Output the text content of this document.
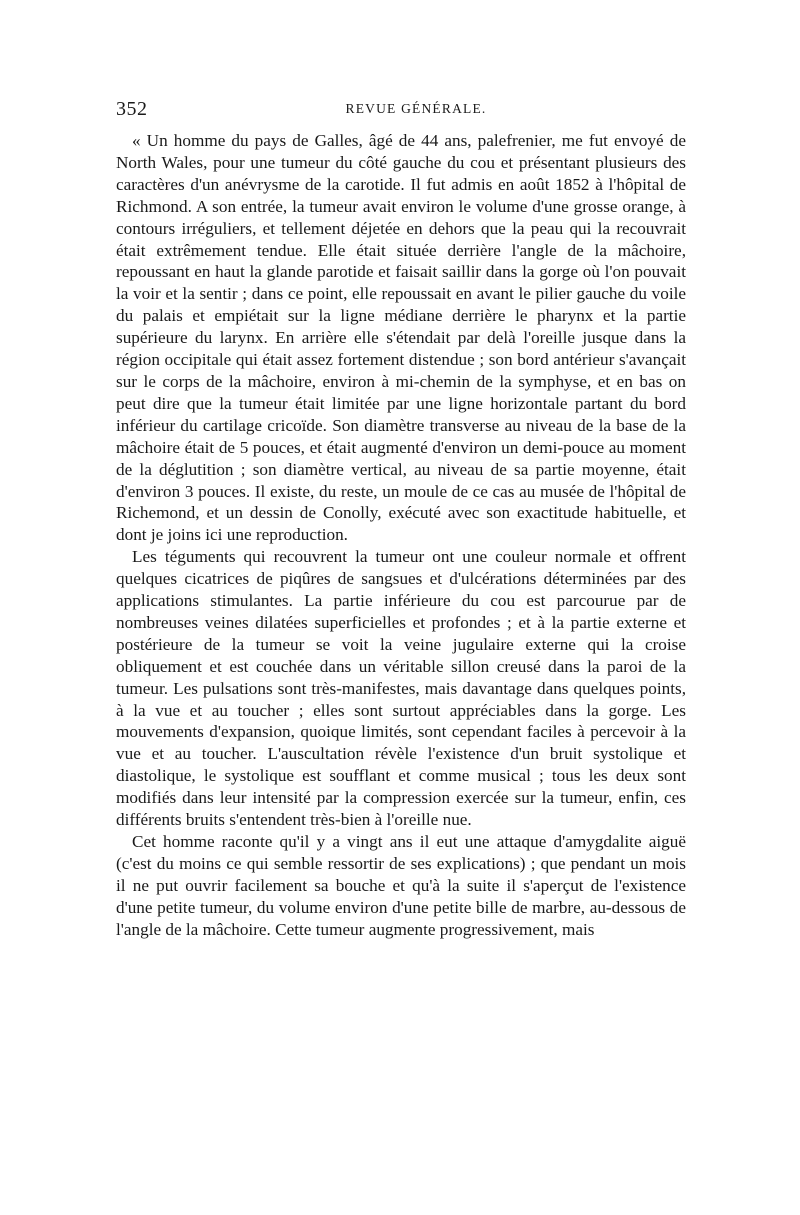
352	REVUE GÉNÉRALE.

« Un homme du pays de Galles, âgé de 44 ans, palefrenier, me fut envoyé de North Wales, pour une tumeur du côté gauche du cou et présentant plusieurs des caractères d'un anévrysme de la carotide. Il fut admis en août 1852 à l'hôpital de Richmond. A son entrée, la tumeur avait environ le volume d'une grosse orange, à contours irréguliers, et tellement déjetée en dehors que la peau qui la recouvrait était extrêmement tendue. Elle était située derrière l'angle de la mâchoire, repoussant en haut la glande parotide et faisait saillir dans la gorge où l'on pouvait la voir et la sentir ; dans ce point, elle repoussait en avant le pilier gauche du voile du palais et empiétait sur la ligne médiane derrière le pharynx et la partie supérieure du larynx. En arrière elle s'étendait par delà l'oreille jusque dans la région occipitale qui était assez fortement distendue ; son bord antérieur s'avançait sur le corps de la mâchoire, environ à mi-chemin de la symphyse, et en bas on peut dire que la tumeur était limitée par une ligne horizontale partant du bord inférieur du cartilage cricoïde. Son diamètre transverse au niveau de la base de la mâchoire était de 5 pouces, et était augmenté d'environ un demi-pouce au moment de la déglutition ; son diamètre vertical, au niveau de sa partie moyenne, était d'environ 3 pouces. Il existe, du reste, un moule de ce cas au musée de l'hôpital de Richemond, et un dessin de Conolly, exécuté avec son exactitude habituelle, et dont je joins ici une reproduction.

Les téguments qui recouvrent la tumeur ont une couleur normale et offrent quelques cicatrices de piqûres de sangsues et d'ulcérations déterminées par des applications stimulantes. La partie inférieure du cou est parcourue par de nombreuses veines dilatées superficielles et profondes ; et à la partie externe et postérieure de la tumeur se voit la veine jugulaire externe qui la croise obliquement et est couchée dans un véritable sillon creusé dans la paroi de la tumeur. Les pulsations sont très-manifestes, mais davantage dans quelques points, à la vue et au toucher ; elles sont surtout appréciables dans la gorge. Les mouvements d'expansion, quoique limités, sont cependant faciles à percevoir à la vue et au toucher. L'auscultation révèle l'existence d'un bruit systolique et diastolique, le systolique est soufflant et comme musical ; tous les deux sont modifiés dans leur intensité par la compression exercée sur la tumeur, enfin, ces différents bruits s'entendent très-bien à l'oreille nue.

Cet homme raconte qu'il y a vingt ans il eut une attaque d'amygdalite aiguë (c'est du moins ce qui semble ressortir de ses explications) ; que pendant un mois il ne put ouvrir facilement sa bouche et qu'à la suite il s'aperçut de l'existence d'une petite tumeur, du volume environ d'une petite bille de marbre, au-dessous de l'angle de la mâchoire. Cette tumeur augmente progressivement, mais
